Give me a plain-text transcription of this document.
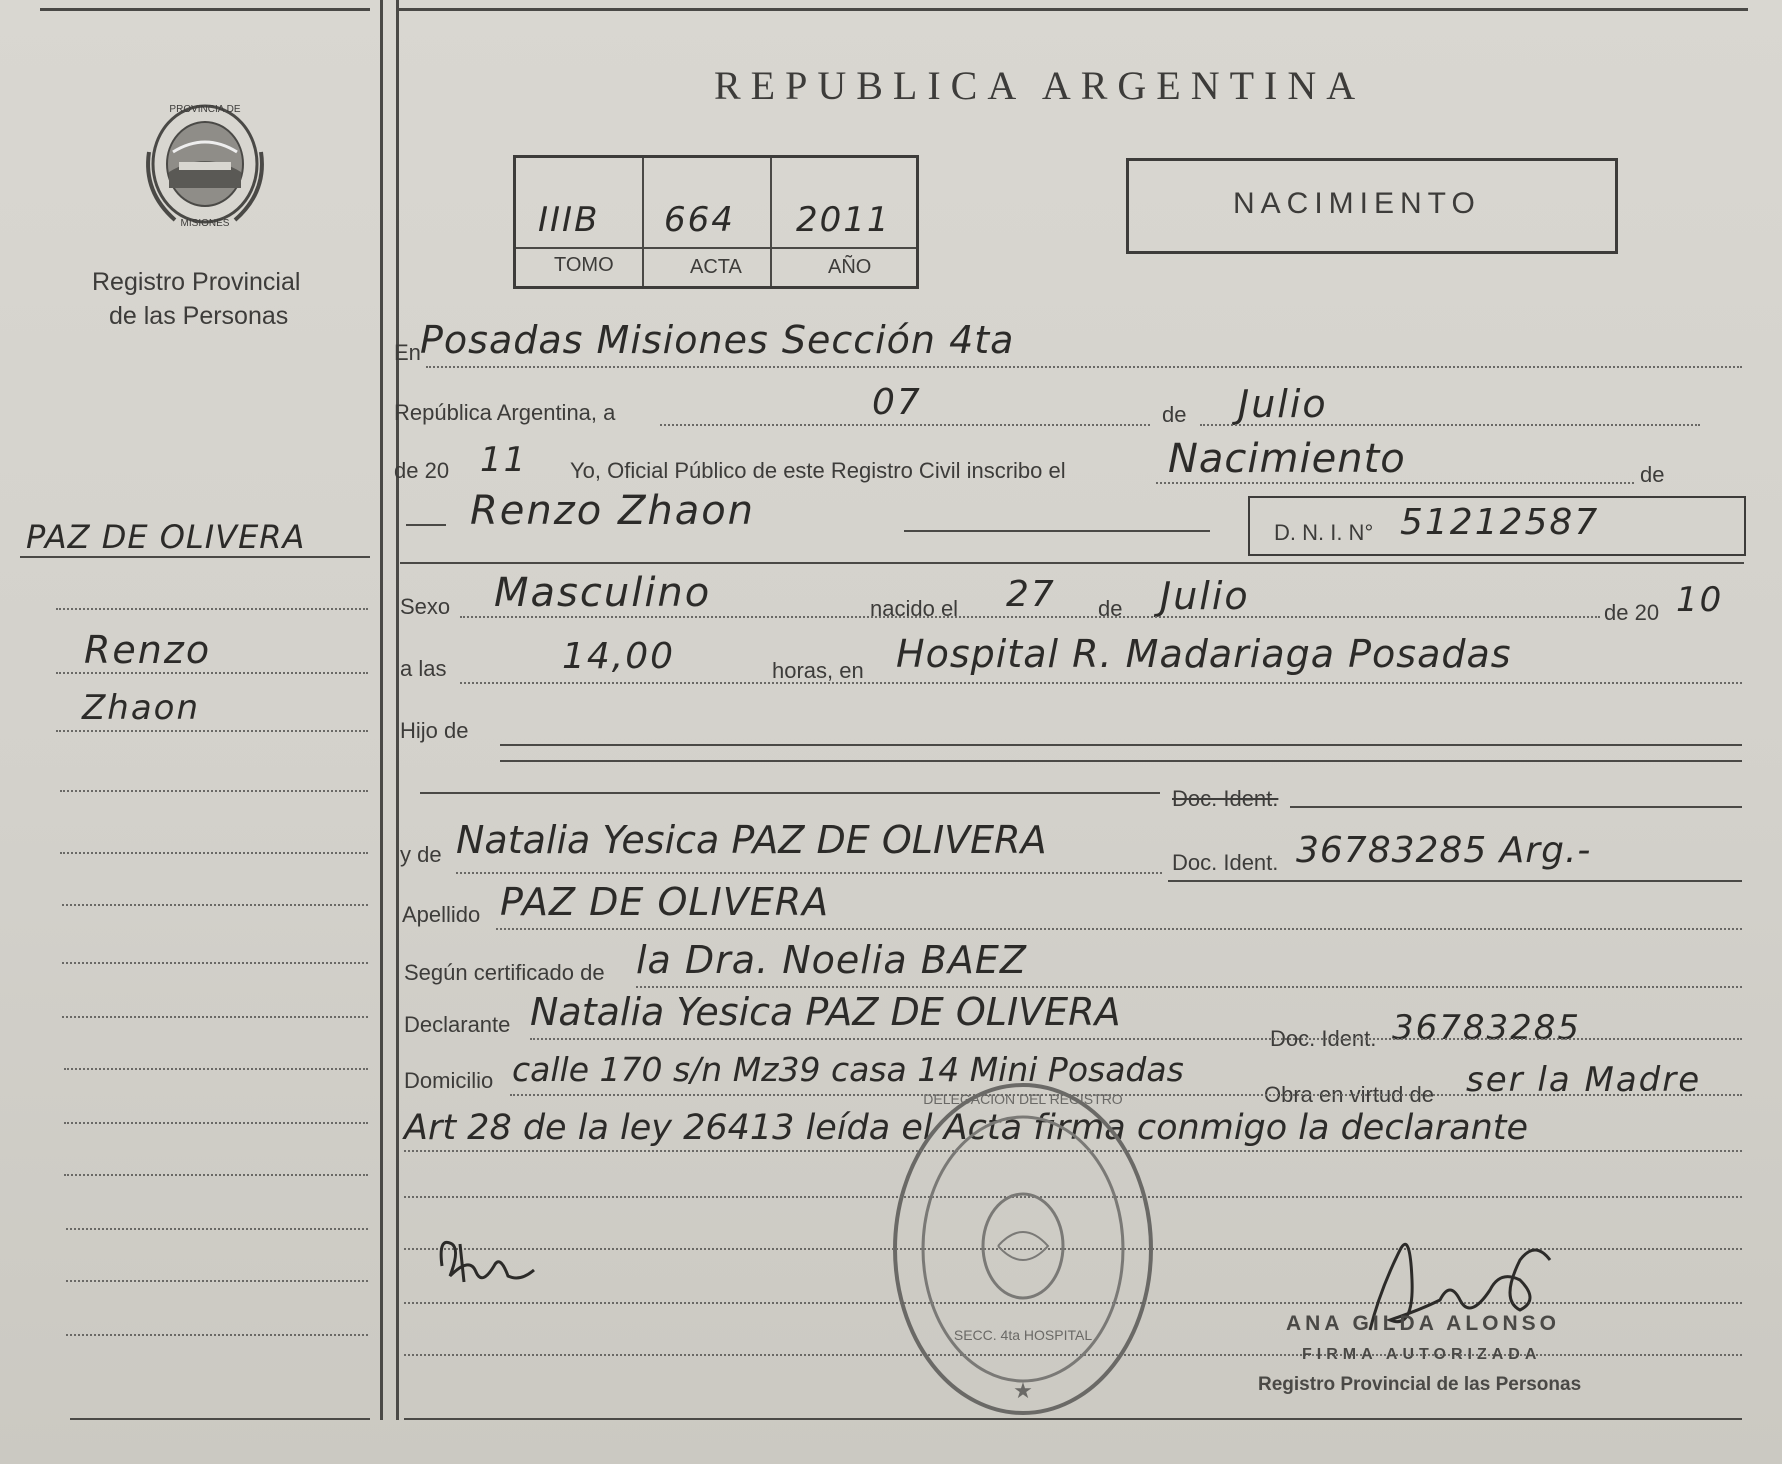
PROVINCIA DE
MISIONES
Registro Provincial
de las Personas
REPUBLICA ARGENTINA
IIIB 664 2011
TOMO	ACTA	AÑO
NACIMIENTO
PAZ DE OLIVERA
Renzo
Zhaon
En Posadas Misiones Sección 4ta
República Argentina, a	07	de Julio
de 20 11 Yo, Oficial Público de este Registro Civil inscribo el	Nacimiento	de
Renzo Zhaon	D. N. I. N° 51212587
Sexo Masculino	nacido el 27 de Julio	de 20 10
a las	14,00	horas, en Hospital R. Madariaga Posadas
Hijo de
Doc. Ident.
y de Natalia Yesica PAZ DE OLIVERA
Doc. Ident. 36783285 Arg.-
Apellido PAZ DE OLIVERA
Según certificado de la Dra. Noelia BAEZ
Declarante Natalia Yesica PAZ DE OLIVERA
Doc. Ident. 36783285
Domicilio calle 170 s/n Mz39 casa 14 Mini Posadas
Obra en virtud de ser la Madre
Art 28 de la ley 26413 leída el Acta firma conmigo la declarante
★
DELEGACION DEL REGISTRO
SECC. 4ta HOSPITAL	ANA GILDA ALONSO
FIRMA AUTORIZADA
Registro Provincial de las Personas
